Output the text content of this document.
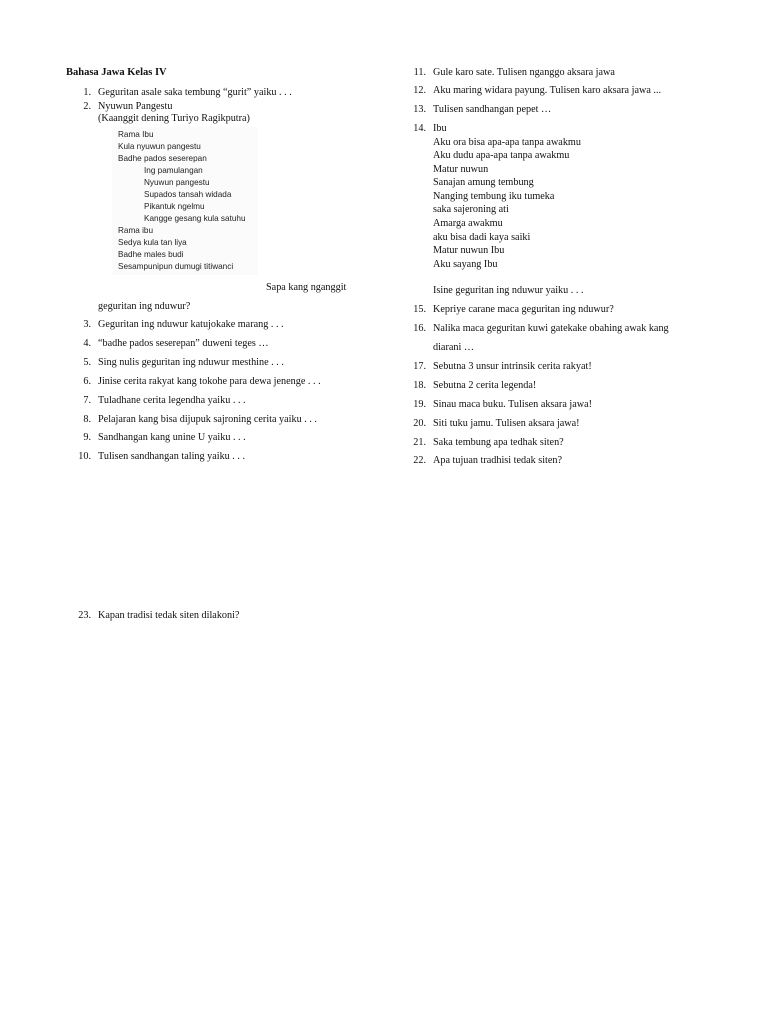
Bahasa Jawa Kelas IV
1. Geguritan asale saka tembung “gurit” yaiku . . .
2. Nyuwun Pangestu
(Kaanggit dening Turiyo Ragikputra)
Rama Ibu
Kula nyuwun pangestu
Badhe pados seserepan
Ing pamulangan
Nyuwun pangestu
Supados tansah widada
Pikantuk ngelmu
Kangge gesang kula satuhu
Rama ibu
Sedya kula tan liya
Badhe males budi
Sesampunipun dumugi titiwanci
Sapa kang nganggit
geguritan ing nduwur?
3. Geguritan ing nduwur katujokake marang . . .
4. “badhe pados seserepan” duweni teges …
5. Sing nulis geguritan ing nduwur mesthine . . .
6. Jinise cerita rakyat kang tokohe para dewa jenenge . . .
7. Tuladhane cerita legendha yaiku . . .
8. Pelajaran kang bisa dijupuk sajroning cerita yaiku . . .
9. Sandhangan kang unine U yaiku . . .
10. Tulisen sandhangan taling yaiku . . .
23. Kapan tradisi tedak siten dilakoni?
11. Gule karo sate. Tulisen nganggo aksara jawa
12. Aku maring widara payung. Tulisen karo aksara jawa ...
13. Tulisen sandhangan pepet …
14. Ibu
Aku ora bisa apa-apa tanpa awakmu
Aku dudu apa-apa tanpa awakmu
Matur nuwun
Sanajan amung tembung
Nanging tembung iku tumeka
saka sajeroning ati
Amarga awakmu
aku bisa dadi kaya saiki
Matur nuwun Ibu
Aku sayang Ibu
Isine geguritan ing nduwur yaiku . . .
15. Kepriye carane maca geguritan ing nduwur?
16. Nalika maca geguritan kuwi gatekake obahing awak kang
diarani …
17. Sebutna 3 unsur intrinsik cerita rakyat!
18. Sebutna 2 cerita legenda!
19. Sinau maca buku. Tulisen aksara jawa!
20. Siti tuku jamu. Tulisen aksara jawa!
21. Saka tembung apa tedhak siten?
22. Apa tujuan tradhisi tedak siten?
